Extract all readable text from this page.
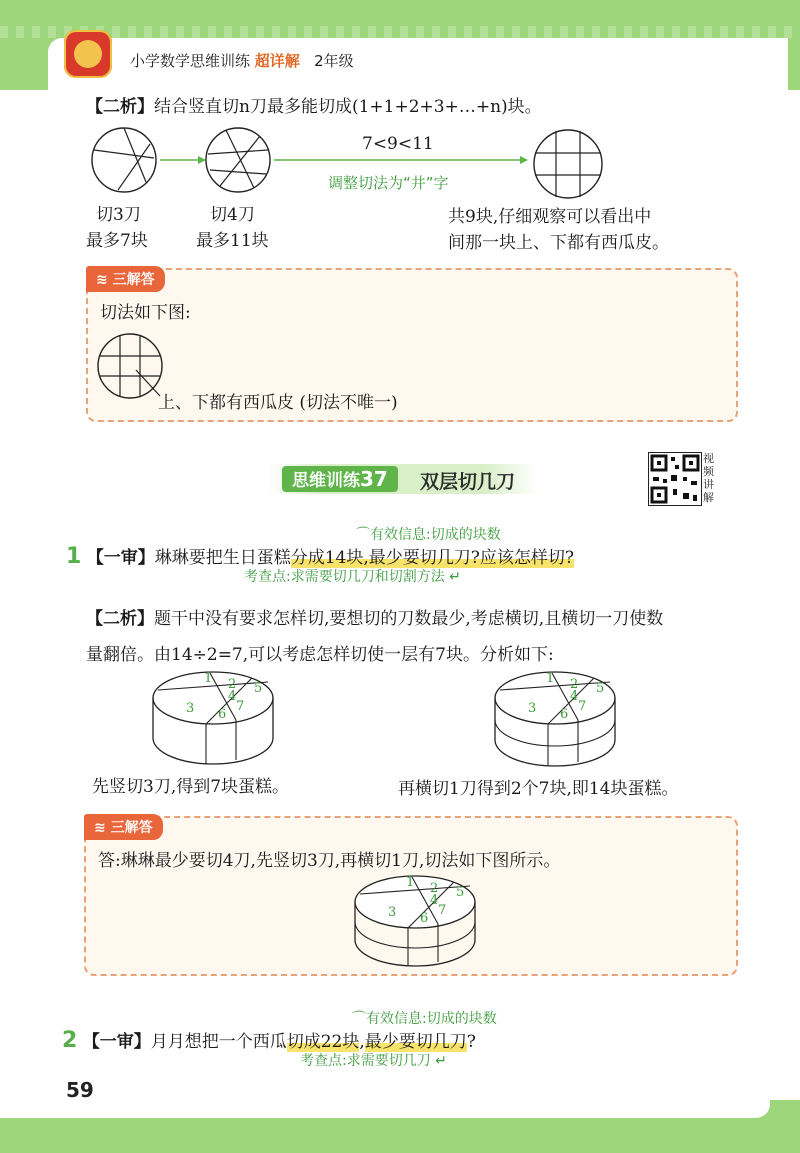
小学数学思维训练 超详解 2年级
【二析】结合竖直切n刀最多能切成(1+1+2+3+…+n)块。
7<9<11
调整切法为“井”字
切3刀
最多7块
切4刀
最多11块
共9块,仔细观察可以看出中
间那一块上、下都有西瓜皮。
≋ 三解答
切法如下图:
上、下都有西瓜皮 (切法不唯一)
思维训练37	双层切几刀
视频讲解
⌒有效信息:切成的块数
1 【一审】琳琳要把生日蛋糕分成14块,最少要切几刀?应该怎样切?
考查点:求需要切几刀和切割方法 ↵
【二析】题干中没有要求怎样切,要想切的刀数最少,考虑横切,且横切一刀使数
量翻倍。由14÷2=7,可以考虑怎样切使一层有7块。分析如下:
1 2 5
4
3 6
7
1 2 5
4
3 6
7
先竖切3刀,得到7块蛋糕。	再横切1刀得到2个7块,即14块蛋糕。
≋ 三解答
答:琳琳最少要切4刀,先竖切3刀,再横切1刀,切法如下图所示。
1 2 5
4
3 6
7
⌒有效信息:切成的块数
2 【一审】月月想把一个西瓜切成22块,最少要切几刀?
考查点:求需要切几刀 ↵
59
